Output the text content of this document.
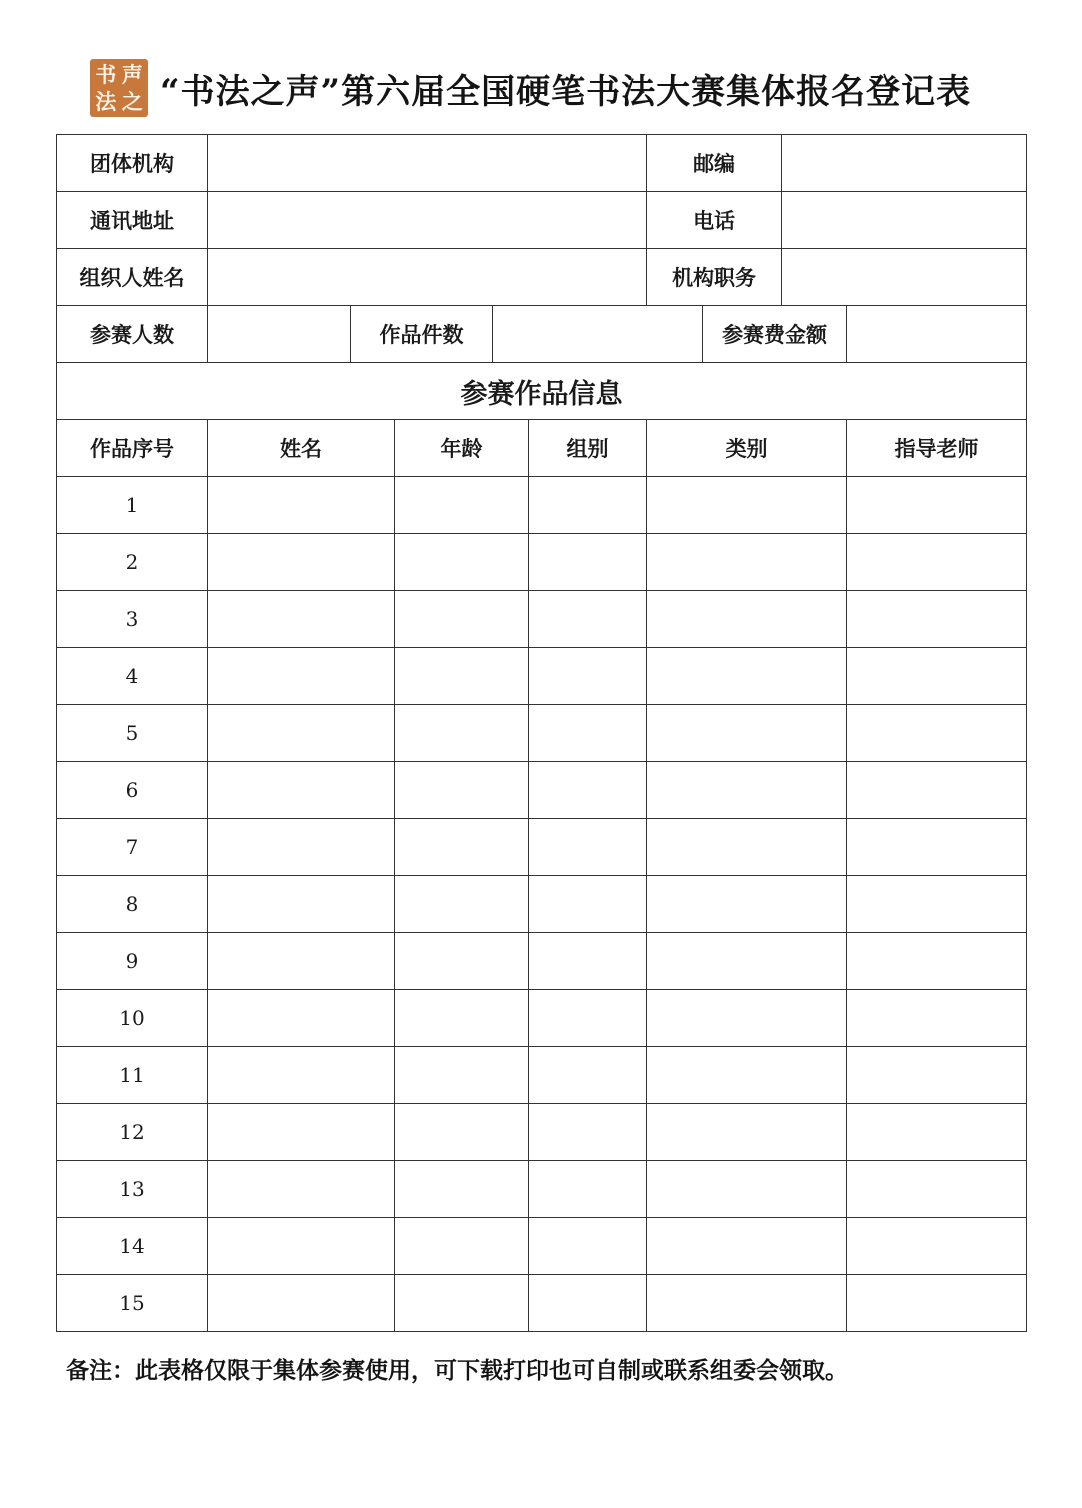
书 声
法 之 “书法之声”第六届全国硬笔书法大赛集体报名登记表
团体机构						邮编			
通讯地址						电话			
组织人姓名						机构职务			
参赛人数		作品件数					参赛费金额		
参赛作品信息									
作品序号	姓名		年龄		组别	类别			指导老师
1									
2									
3									
4									
5									
6									
7									
8									
9									
10									
11									
12									
13									
14									
15									
备注：此表格仅限于集体参赛使用，可下载打印也可自制或联系组委会领取。
